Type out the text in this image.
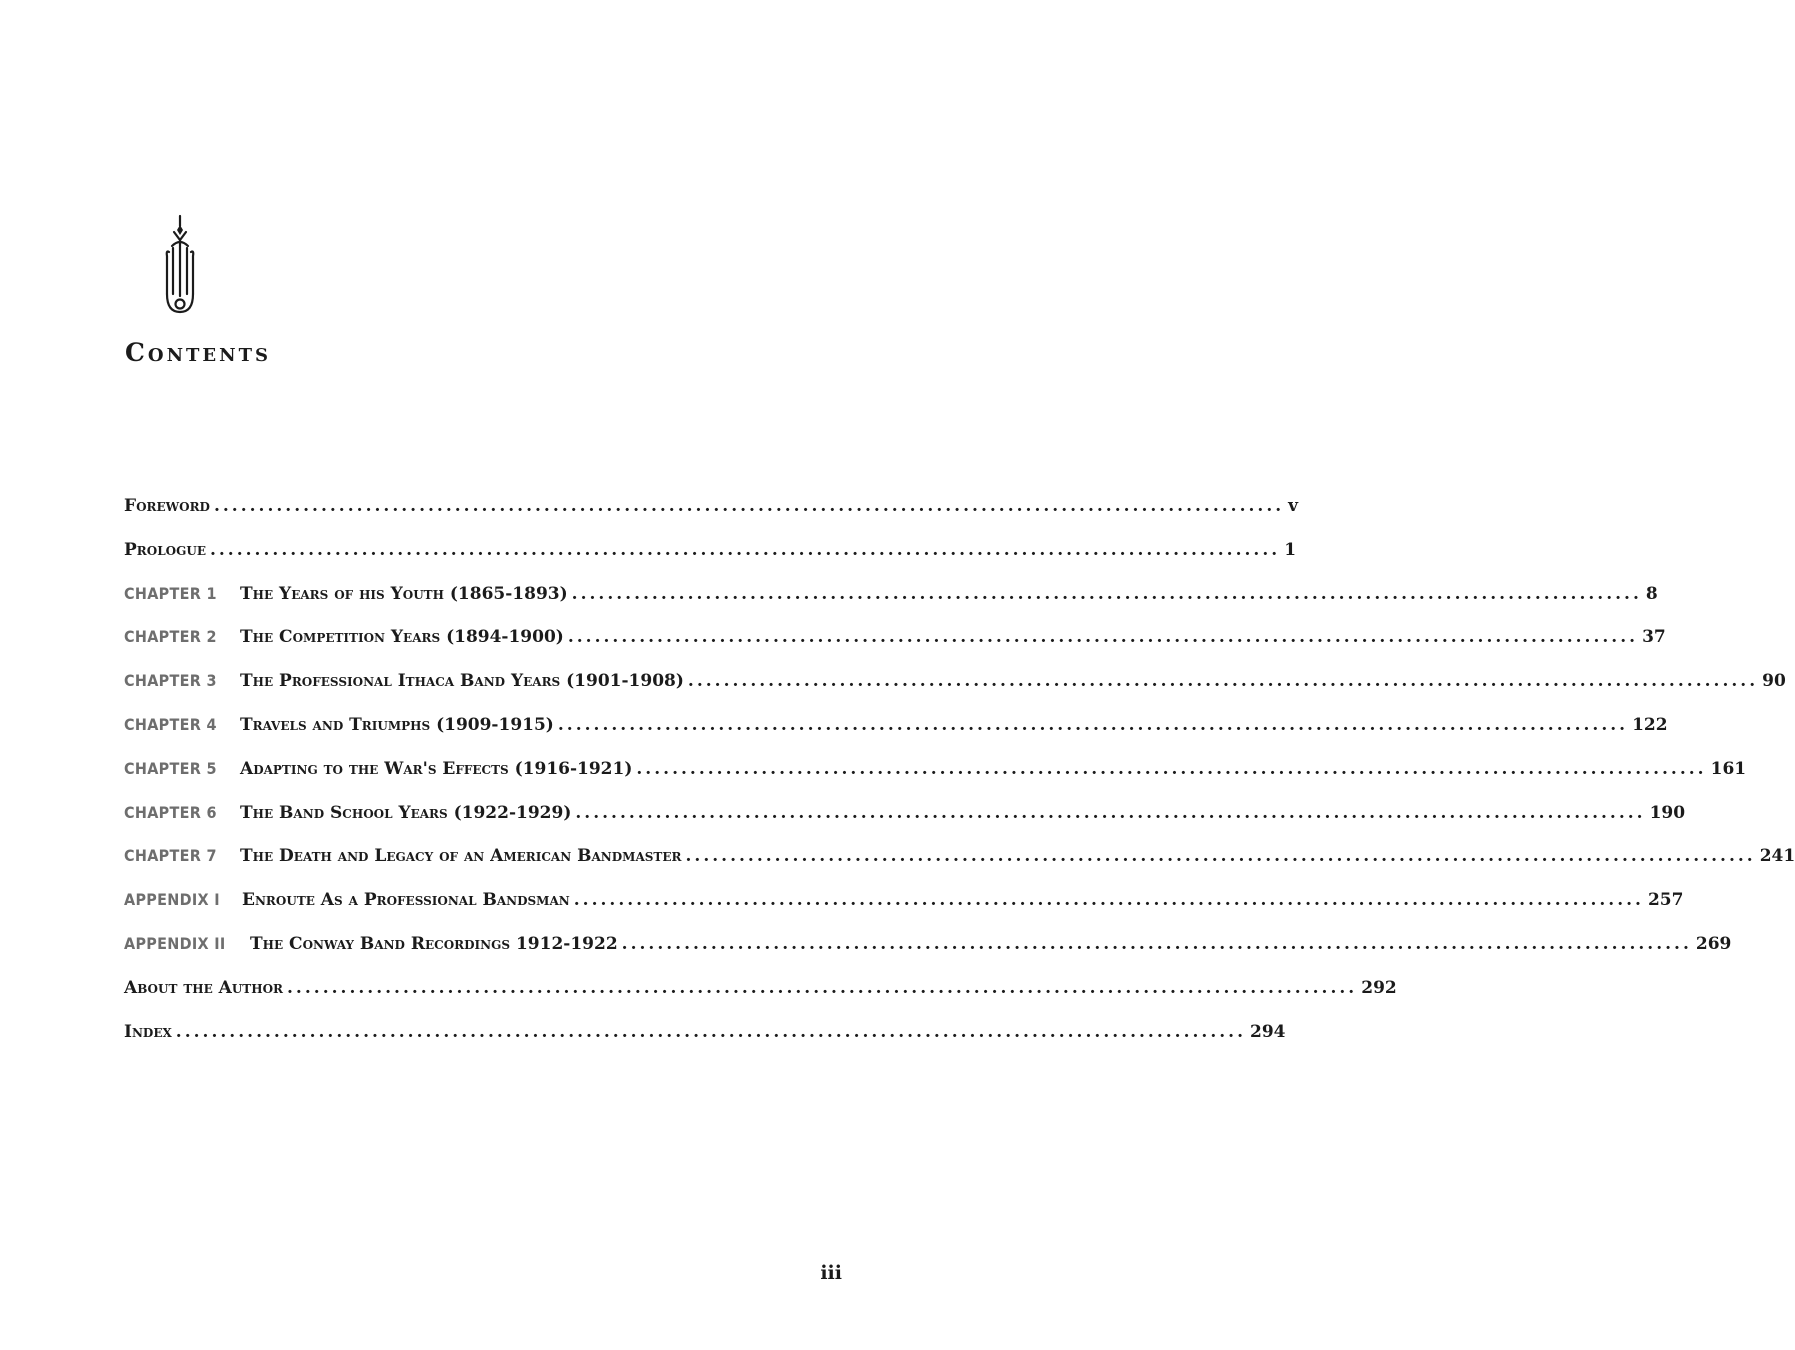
Contents
Foreword ........................................................................................................................ v
Prologue ........................................................................................................................ 1
CHAPTER 1	The Years of his Youth (1865-1893) ........................................................................................................................ 8
CHAPTER 2	The Competition Years (1894-1900) ........................................................................................................................ 37
CHAPTER 3	The Professional Ithaca Band Years (1901-1908) ........................................................................................................................ 90
CHAPTER 4	Travels and Triumphs (1909-1915) ........................................................................................................................ 122
CHAPTER 5	Adapting to the War's Effects (1916-1921) ........................................................................................................................ 161
CHAPTER 6	The Band School Years (1922-1929) ........................................................................................................................ 190
CHAPTER 7	The Death and Legacy of an American Bandmaster ........................................................................................................................ 241
APPENDIX I	Enroute As a Professional Bandsman ........................................................................................................................ 257
APPENDIX II	The Conway Band Recordings 1912-1922 ........................................................................................................................ 269
About the Author ........................................................................................................................ 292
Index ........................................................................................................................ 294

iii
